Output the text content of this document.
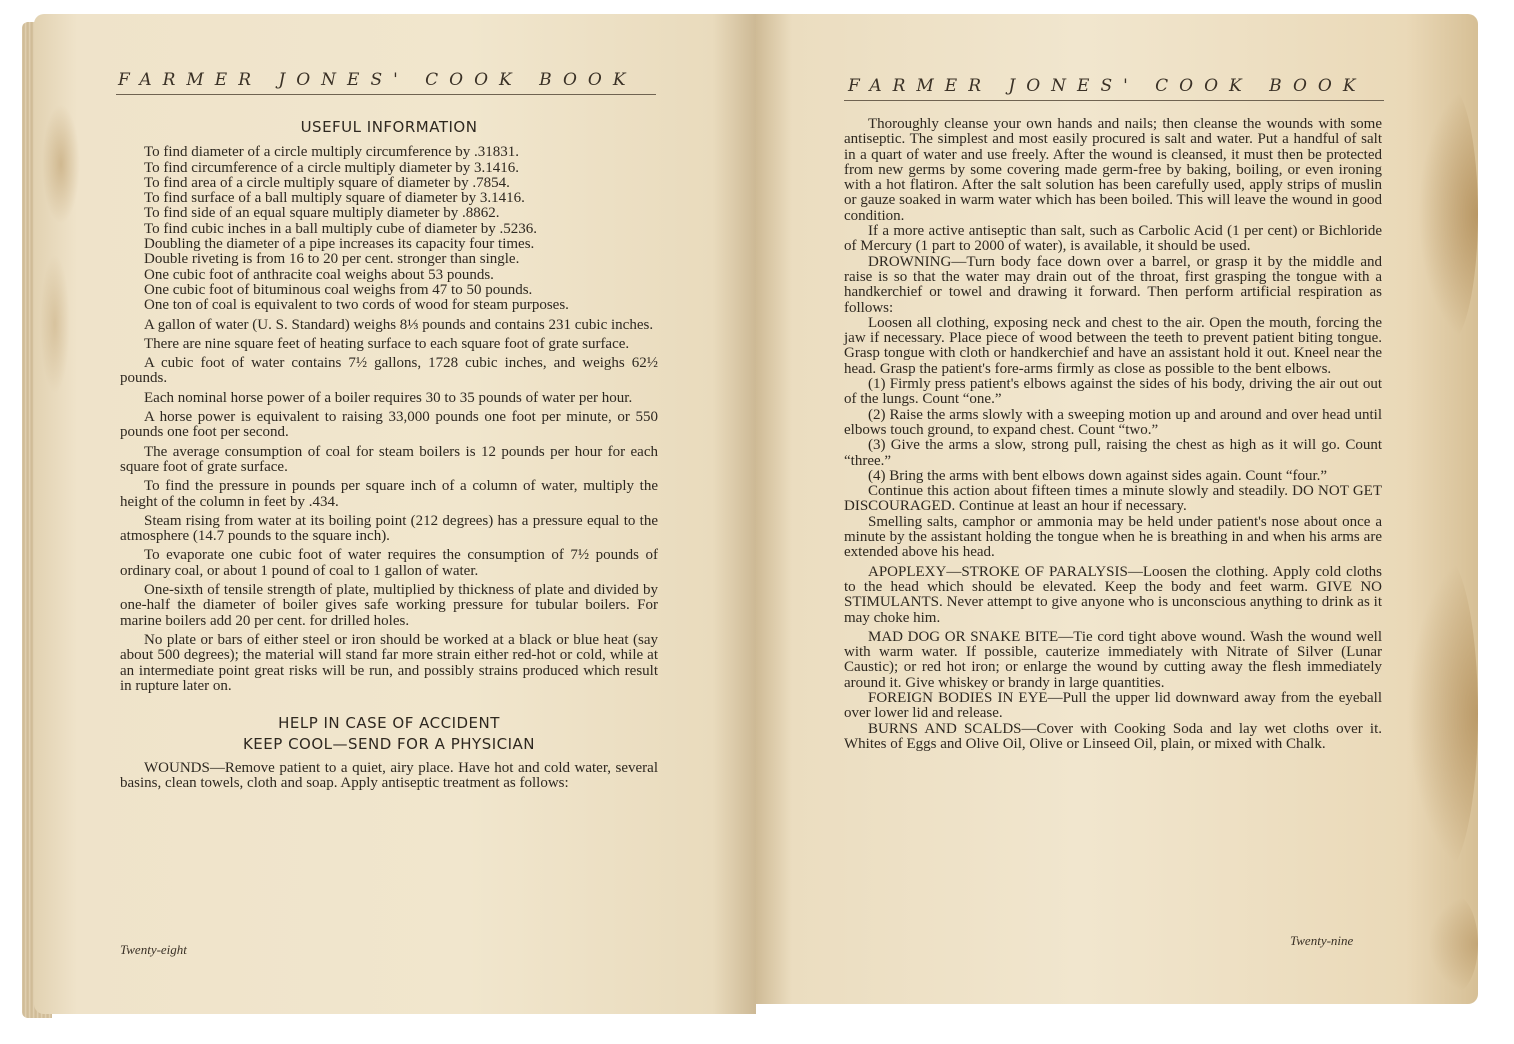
FARMER JONES' COOK BOOK
USEFUL INFORMATION

To find diameter of a circle multiply circumference by .31831.

To find circumference of a circle multiply diameter by 3.1416.

To find area of a circle multiply square of diameter by .7854.

To find surface of a ball multiply square of diameter by 3.1416.

To find side of an equal square multiply diameter by .8862.

To find cubic inches in a ball multiply cube of diameter by .5236.

Doubling the diameter of a pipe increases its capacity four times.

Double riveting is from 16 to 20 per cent. stronger than single.

One cubic foot of anthracite coal weighs about 53 pounds.

One cubic foot of bituminous coal weighs from 47 to 50 pounds.

One ton of coal is equivalent to two cords of wood for steam purposes.

A gallon of water (U. S. Standard) weighs 8⅓ pounds and contains 231 cubic inches.

There are nine square feet of heating surface to each square foot of grate surface.

A cubic foot of water contains 7½ gallons, 1728 cubic inches, and weighs 62½ pounds.

Each nominal horse power of a boiler requires 30 to 35 pounds of water per hour.

A horse power is equivalent to raising 33,000 pounds one foot per minute, or 550 pounds one foot per second.

The average consumption of coal for steam boilers is 12 pounds per hour for each square foot of grate surface.

To find the pressure in pounds per square inch of a column of water, multiply the height of the column in feet by .434.

Steam rising from water at its boiling point (212 degrees) has a pressure equal to the atmosphere (14.7 pounds to the square inch).

To evaporate one cubic foot of water requires the consumption of 7½ pounds of ordinary coal, or about 1 pound of coal to 1 gallon of water.

One-sixth of tensile strength of plate, multiplied by thickness of plate and divided by one-half the diameter of boiler gives safe working pressure for tubular boilers. For marine boilers add 20 per cent. for drilled holes.

No plate or bars of either steel or iron should be worked at a black or blue heat (say about 500 degrees); the material will stand far more strain either red-hot or cold, while at an intermediate point great risks will be run, and possibly strains produced which result in rupture later on.

HELP IN CASE OF ACCIDENT
KEEP COOL—SEND FOR A PHYSICIAN

WOUNDS—Remove patient to a quiet, airy place. Have hot and cold water, several basins, clean towels, cloth and soap. Apply antiseptic treatment as follows:

Twenty-eight
FARMER JONES' COOK BOOK

Thoroughly cleanse your own hands and nails; then cleanse the wounds with some antiseptic. The simplest and most easily procured is salt and water. Put a handful of salt in a quart of water and use freely. After the wound is cleansed, it must then be protected from new germs by some covering made germ-free by baking, boiling, or even ironing with a hot flatiron. After the salt solution has been carefully used, apply strips of muslin or gauze soaked in warm water which has been boiled. This will leave the wound in good condition.

If a more active antiseptic than salt, such as Carbolic Acid (1 per cent) or Bichloride of Mercury (1 part to 2000 of water), is available, it should be used.

DROWNING—Turn body face down over a barrel, or grasp it by the middle and raise is so that the water may drain out of the throat, first grasping the tongue with a handkerchief or towel and drawing it forward. Then perform artificial respiration as follows:

Loosen all clothing, exposing neck and chest to the air. Open the mouth, forcing the jaw if necessary. Place piece of wood between the teeth to prevent patient biting tongue. Grasp tongue with cloth or handkerchief and have an assistant hold it out. Kneel near the head. Grasp the patient's fore-arms firmly as close as possible to the bent elbows.

(1) Firmly press patient's elbows against the sides of his body, driving the air out out of the lungs. Count “one.”

(2) Raise the arms slowly with a sweeping motion up and around and over head until elbows touch ground, to expand chest. Count “two.”

(3) Give the arms a slow, strong pull, raising the chest as high as it will go. Count “three.”

(4) Bring the arms with bent elbows down against sides again. Count “four.”

Continue this action about fifteen times a minute slowly and steadily. DO NOT GET DISCOURAGED. Continue at least an hour if necessary.

Smelling salts, camphor or ammonia may be held under patient's nose about once a minute by the assistant holding the tongue when he is breathing in and when his arms are extended above his head.

APOPLEXY—STROKE OF PARALYSIS—Loosen the clothing. Apply cold cloths to the head which should be elevated. Keep the body and feet warm. GIVE NO STIMULANTS. Never attempt to give anyone who is unconscious anything to drink as it may choke him.

MAD DOG OR SNAKE BITE—Tie cord tight above wound. Wash the wound well with warm water. If possible, cauterize immediately with Nitrate of Silver (Lunar Caustic); or red hot iron; or enlarge the wound by cutting away the flesh immediately around it. Give whiskey or brandy in large quantities.

FOREIGN BODIES IN EYE—Pull the upper lid downward away from the eyeball over lower lid and release.

BURNS AND SCALDS—Cover with Cooking Soda and lay wet cloths over it. Whites of Eggs and Olive Oil, Olive or Linseed Oil, plain, or mixed with Chalk.

Twenty-nine
